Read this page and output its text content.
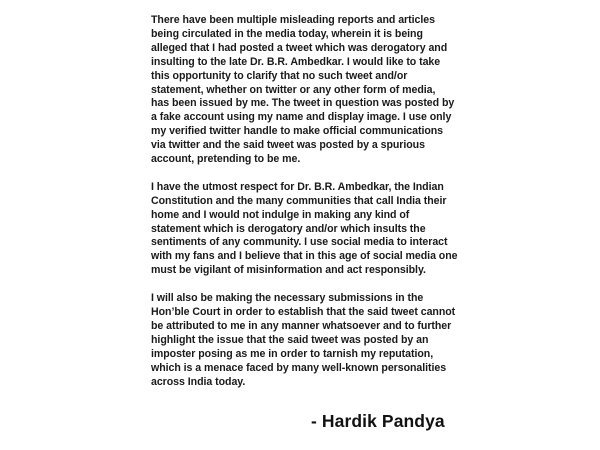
There have been multiple misleading reports and articles
being circulated in the media today, wherein it is being
alleged that I had posted a tweet which was derogatory and
insulting to the late Dr. B.R. Ambedkar. I would like to take
this opportunity to clarify that no such tweet and/or
statement, whether on twitter or any other form of media,
has been issued by me. The tweet in question was posted by
a fake account using my name and display image. I use only
my verified twitter handle to make official communications
via twitter and the said tweet was posted by a spurious
account, pretending to be me.
I have the utmost respect for Dr. B.R. Ambedkar, the Indian
Constitution and the many communities that call India their
home and I would not indulge in making any kind of
statement which is derogatory and/or which insults the
sentiments of any community. I use social media to interact
with my fans and I believe that in this age of social media one
must be vigilant of misinformation and act responsibly.
I will also be making the necessary submissions in the
Hon’ble Court in order to establish that the said tweet cannot
be attributed to me in any manner whatsoever and to further
highlight the issue that the said tweet was posted by an
imposter posing as me in order to tarnish my reputation,
which is a menace faced by many well-known personalities
across India today.
- Hardik Pandya
